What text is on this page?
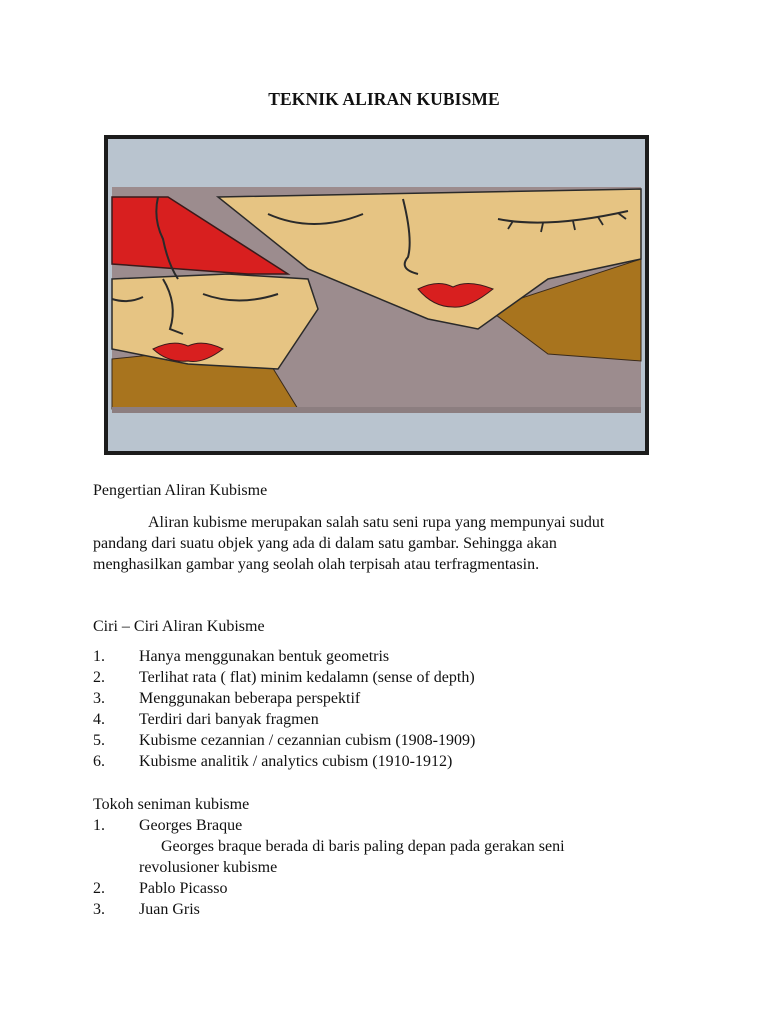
TEKNIK ALIRAN KUBISME
Pengertian Aliran Kubisme
Aliran kubisme merupakan salah satu seni rupa yang mempunyai sudut
pandang dari suatu objek yang ada di dalam satu gambar. Sehingga akan
menghasilkan gambar yang seolah olah terpisah atau terfragmentasin.
Ciri – Ciri Aliran Kubisme
1. Hanya menggunakan bentuk geometris
2. Terlihat rata ( flat) minim kedalamn (sense of depth)
3. Menggunakan beberapa perspektif
4. Terdiri dari banyak fragmen
5. Kubisme cezannian / cezannian cubism (1908-1909)
6. Kubisme analitik / analytics cubism (1910-1912)
Tokoh seniman kubisme
1. Georges Braque
Georges braque berada di baris paling depan pada gerakan seni
revolusioner kubisme
2. Pablo Picasso
3. Juan Gris
